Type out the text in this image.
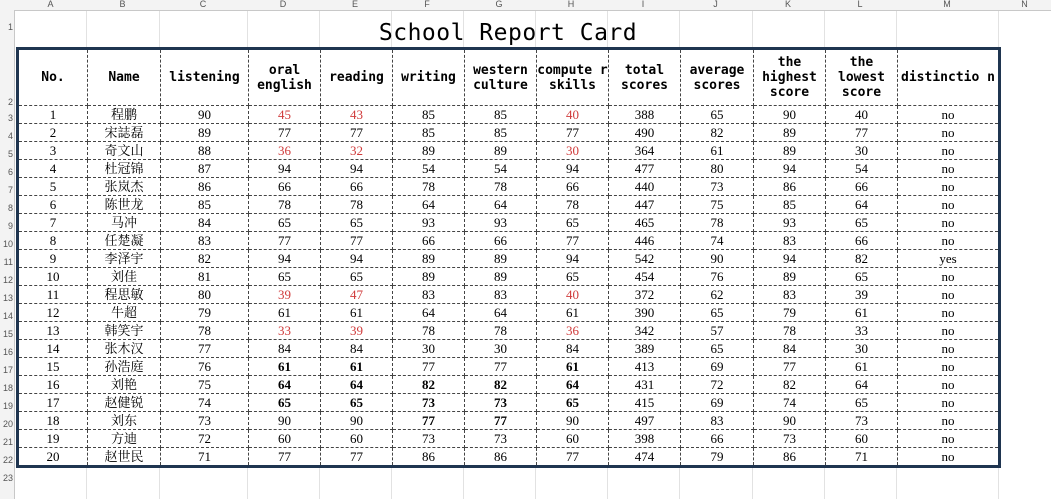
A	B	C	D	E	F	G	H	I	J	K	L	M	N
1
2
3
4
5
6
7
8
9
10
11
12
13
14
15
16
17
18
19
20
21
22
23
School Report Card
No.	Name	listening	oral english	reading	writing	western culture	compute r skills	total scores	average scores	the highest score	the lowest score	distinctio n
1	程鹏	90	45	43	85	85	40	388	65	90	40	no
2	宋誌磊	89	77	77	85	85	77	490	82	89	77	no
3	奇文山	88	36	32	89	89	30	364	61	89	30	no
4	杜冠锦	87	94	94	54	54	94	477	80	94	54	no
5	张岚杰	86	66	66	78	78	66	440	73	86	66	no
6	陈世龙	85	78	78	64	64	78	447	75	85	64	no
7	马冲	84	65	65	93	93	65	465	78	93	65	no
8	任楚凝	83	77	77	66	66	77	446	74	83	66	no
9	李泽宇	82	94	94	89	89	94	542	90	94	82	yes
10	刘佳	81	65	65	89	89	65	454	76	89	65	no
11	程思敏	80	39	47	83	83	40	372	62	83	39	no
12	牛超	79	61	61	64	64	61	390	65	79	61	no
13	韩笑宇	78	33	39	78	78	36	342	57	78	33	no
14	张木汉	77	84	84	30	30	84	389	65	84	30	no
15	孙浩庭	76	61	61	77	77	61	413	69	77	61	no
16	刘艳	75	64	64	82	82	64	431	72	82	64	no
17	赵健锐	74	65	65	73	73	65	415	69	74	65	no
18	刘东	73	90	90	77	77	90	497	83	90	73	no
19	方迪	72	60	60	73	73	60	398	66	73	60	no
20	赵世民	71	77	77	86	86	77	474	79	86	71	no
